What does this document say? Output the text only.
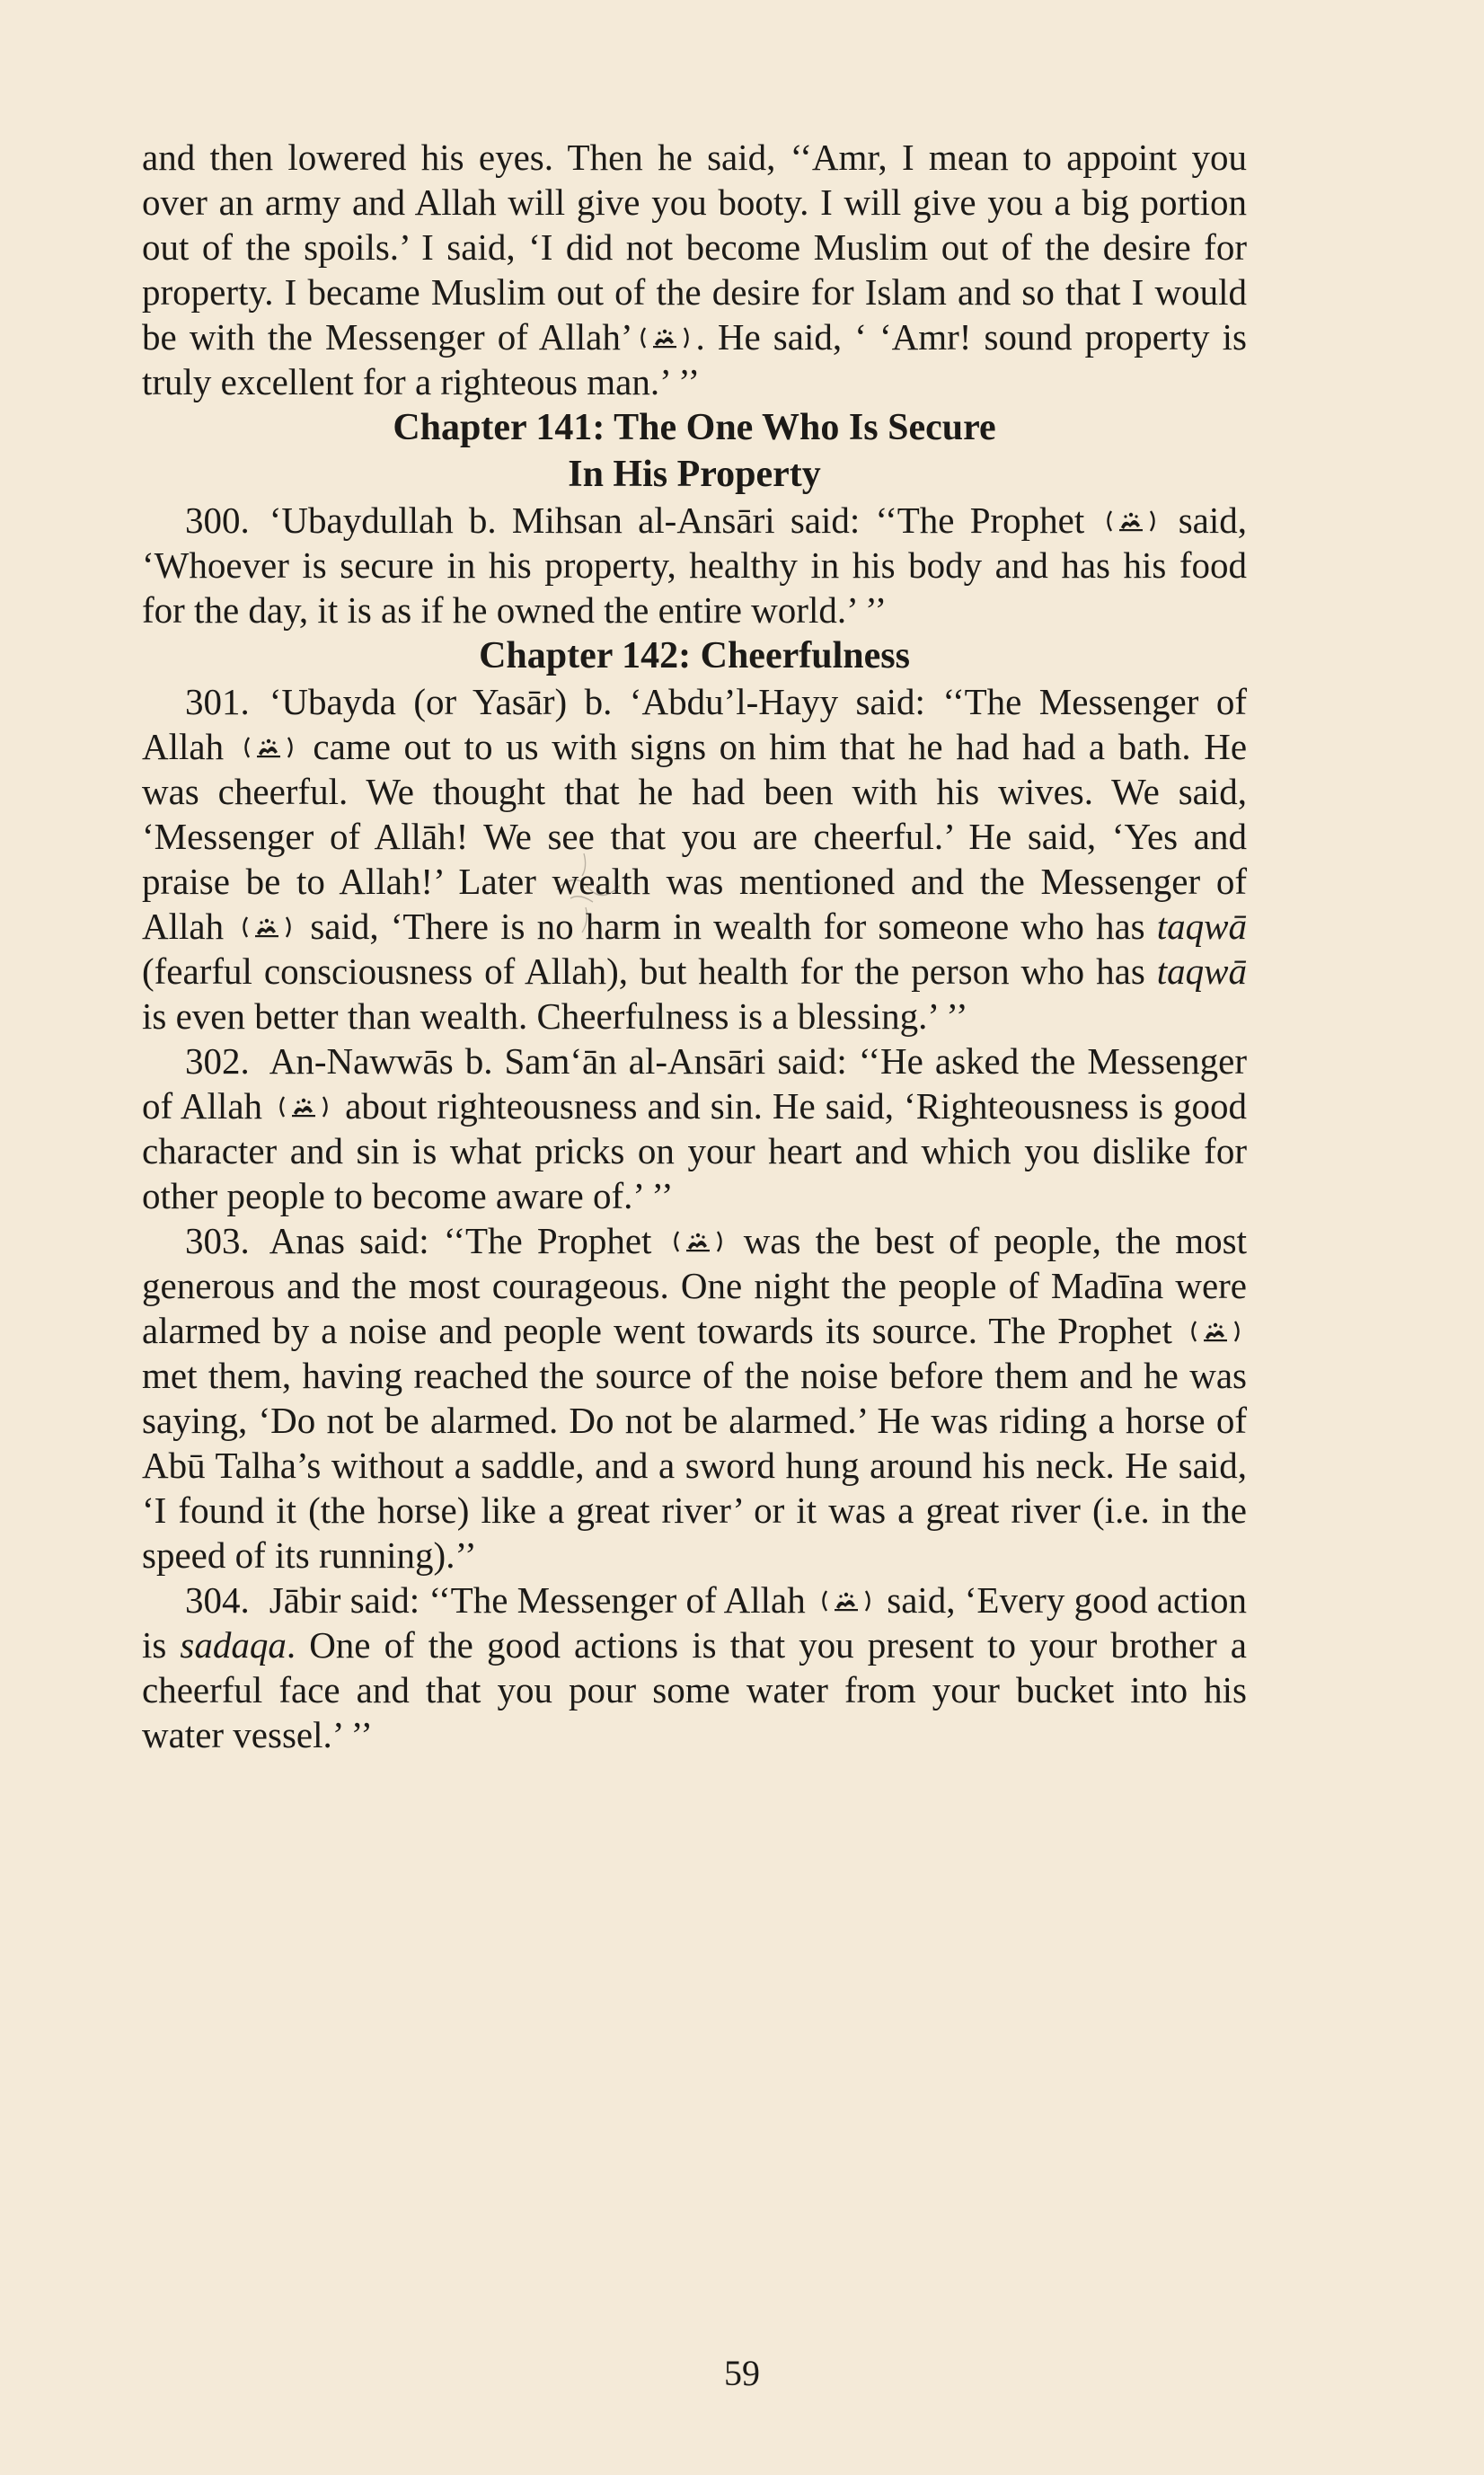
and then lowered his eyes. Then he said, ‘‘Amr, I mean to appoint you over an army and Allah will give you booty. I will give you a big portion out of the spoils.’ I said, ‘I did not become Muslim out of the desire for property. I became Muslim out of the desire for Islam and so that I would be with the Messenger of Allah’ . He said, ‘ ‘Amr! sound property is truly excellent for a righteous man.’ ’’

Chapter 141: The One Who Is Secure
In His Property

300. ‘Ubaydullah b. Mihsan al-Ansāri said: ‘‘The Prophet	said, ‘Whoever is secure in his property, healthy in his body and has his food for the day, it is as if he owned the entire world.’ ’’

Chapter 142: Cheerfulness

301. ‘Ubayda (or Yasār) b. ‘Abdu’l-Hayy said: ‘‘The Messenger of Allah came out to us with signs on him that he had had a bath. He was cheerful. We thought that he had been with his wives. We said, ‘Messenger of Allāh! We see that you are cheerful.’ He said, ‘Yes and praise be to Allah!’ Later wealth was mentioned and the Messenger of Allah said, ‘There is no harm in wealth for someone who has taqwā (fearful consciousness of Allah), but health for the person who has taqwā is even better than wealth. Cheerfulness is a blessing.’ ’’

302. An-Nawwās b. Sam‘ān al-Ansāri said: ‘‘He asked the Messenger of Allah about righteousness and sin. He said, ‘Righteousness is good character and sin is what pricks on your heart and which you dislike for other people to become aware of.’ ’’

303. Anas said: ‘‘The Prophet was the best of people, the most generous and the most courageous. One night the people of Madīna were alarmed by a noise and people went towards its source. The Prophet  met them, having reached the source of the noise before them and he was saying, ‘Do not be alarmed. Do not be alarmed.’ He was riding a horse of Abū Talha’s without a saddle, and a sword hung around his neck. He said, ‘I found it (the horse) like a great river’ or it was a great river (i.e. in the speed of its running).’’

304. Jābir said: ‘‘The Messenger of Allah said, ‘Every good action is sadaqa. One of the good actions is that you present to your brother a cheerful face and that you pour some water from your bucket into his water vessel.’ ’’

59
